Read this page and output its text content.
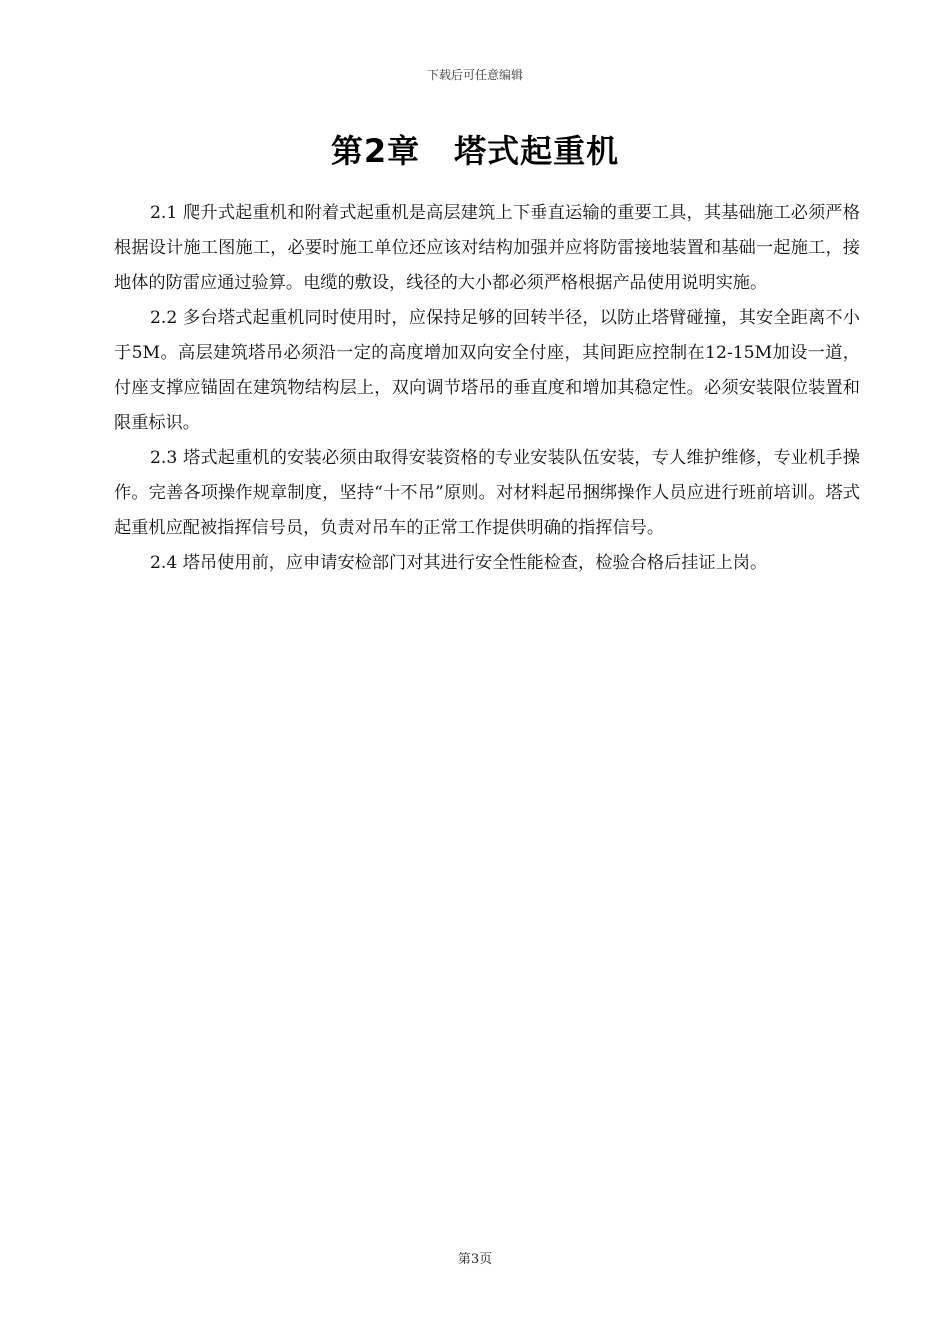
下载后可任意编辑
第2章 塔式起重机

2.1 爬升式起重机和附着式起重机是高层建筑上下垂直运输的重要工具，其基础施工必须严格根据设计施工图施工，必要时施工单位还应该对结构加强并应将防雷接地装置和基础一起施工，接地体的防雷应通过验算。电缆的敷设，线径的大小都必须严格根据产品使用说明实施。

2.2 多台塔式起重机同时使用时，应保持足够的回转半径，以防止塔臂碰撞，其安全距离不小于5M。高层建筑塔吊必须沿一定的高度增加双向安全付座，其间距应控制在12-15M加设一道，付座支撑应锚固在建筑物结构层上，双向调节塔吊的垂直度和增加其稳定性。必须安装限位装置和限重标识。

2.3 塔式起重机的安装必须由取得安装资格的专业安装队伍安装，专人维护维修，专业机手操作。完善各项操作规章制度，坚持“十不吊”原则。对材料起吊捆绑操作人员应进行班前培训。塔式起重机应配被指挥信号员，负责对吊车的正常工作提供明确的指挥信号。

2.4 塔吊使用前，应申请安检部门对其进行安全性能检查，检验合格后挂证上岗。

第3页
